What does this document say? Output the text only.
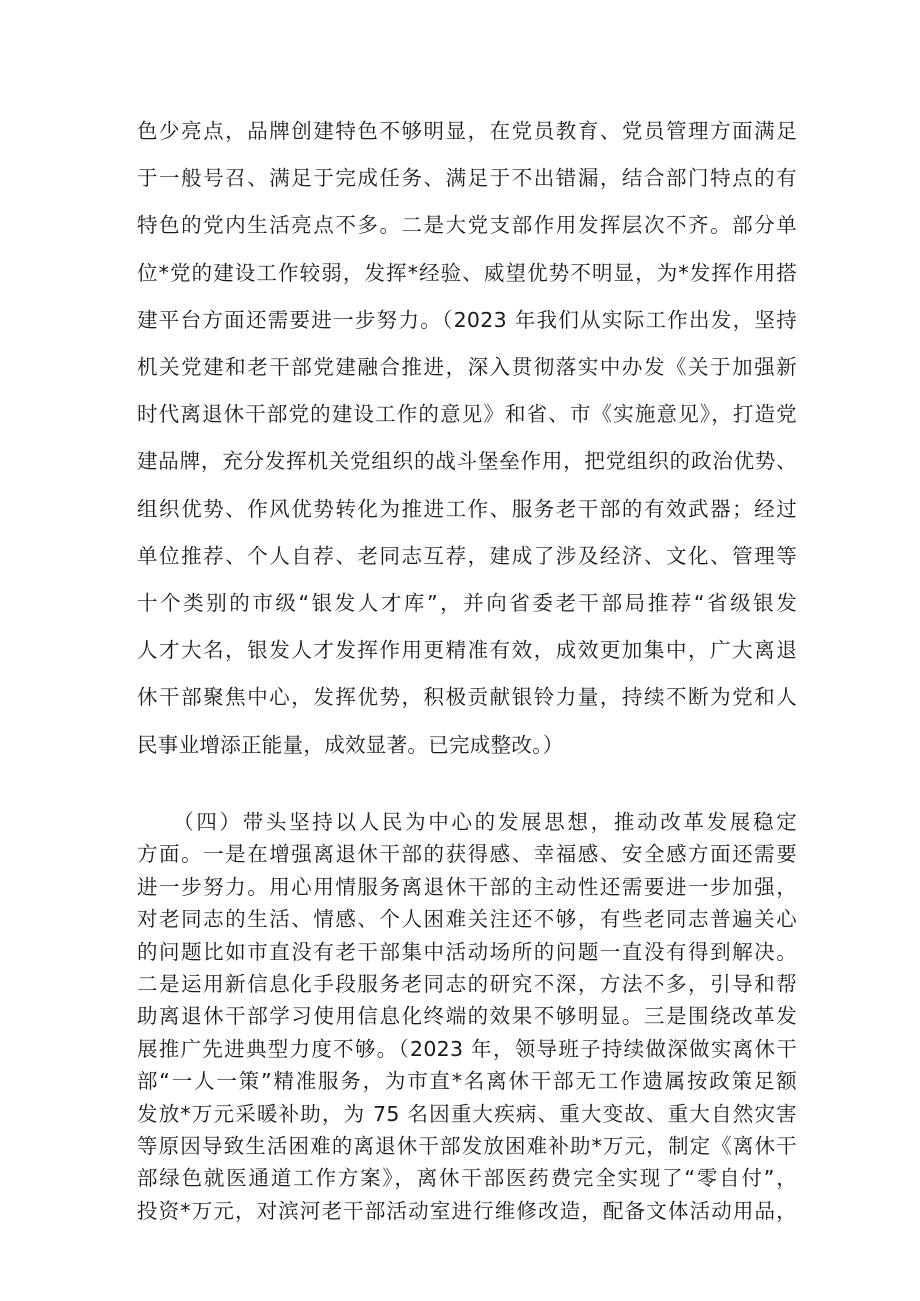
色少亮点，品牌创建特色不够明显，在党员教育、党员管理方面满足
于一般号召、满足于完成任务、满足于不出错漏，结合部门特点的有
特色的党内生活亮点不多。二是大党支部作用发挥层次不齐。部分单
位*党的建设工作较弱，发挥*经验、威望优势不明显，为*发挥作用搭
建平台方面还需要进一步努力。（2023 年我们从实际工作出发，坚持
机关党建和老干部党建融合推进，深入贯彻落实中办发《关于加强新
时代离退休干部党的建设工作的意见》和省、市《实施意见》，打造党
建品牌，充分发挥机关党组织的战斗堡垒作用，把党组织的政治优势、
组织优势、作风优势转化为推进工作、服务老干部的有效武器；经过
单位推荐、个人自荐、老同志互荐，建成了涉及经济、文化、管理等
十个类别的市级“银发人才库”，并向省委老干部局推荐“省级银发
人才大名，银发人才发挥作用更精准有效，成效更加集中，广大离退
休干部聚焦中心，发挥优势，积极贡献银铃力量，持续不断为党和人
民事业增添正能量，成效显著。已完成整改。）
　　（四）带头坚持以人民为中心的发展思想，推动改革发展稳定
方面。一是在增强离退休干部的获得感、幸福感、安全感方面还需要
进一步努力。用心用情服务离退休干部的主动性还需要进一步加强，
对老同志的生活、情感、个人困难关注还不够，有些老同志普遍关心
的问题比如市直没有老干部集中活动场所的问题一直没有得到解决。
二是运用新信息化手段服务老同志的研究不深，方法不多，引导和帮
助离退休干部学习使用信息化终端的效果不够明显。三是围绕改革发
展推广先进典型力度不够。（2023 年，领导班子持续做深做实离休干
部“一人一策”精准服务，为市直*名离休干部无工作遗属按政策足额
发放*万元采暖补助，为 75 名因重大疾病、重大变故、重大自然灾害
等原因导致生活困难的离退休干部发放困难补助*万元，制定《离休干
部绿色就医通道工作方案》，离休干部医药费完全实现了“零自付”，
投资*万元，对滨河老干部活动室进行维修改造，配备文体活动用品，
